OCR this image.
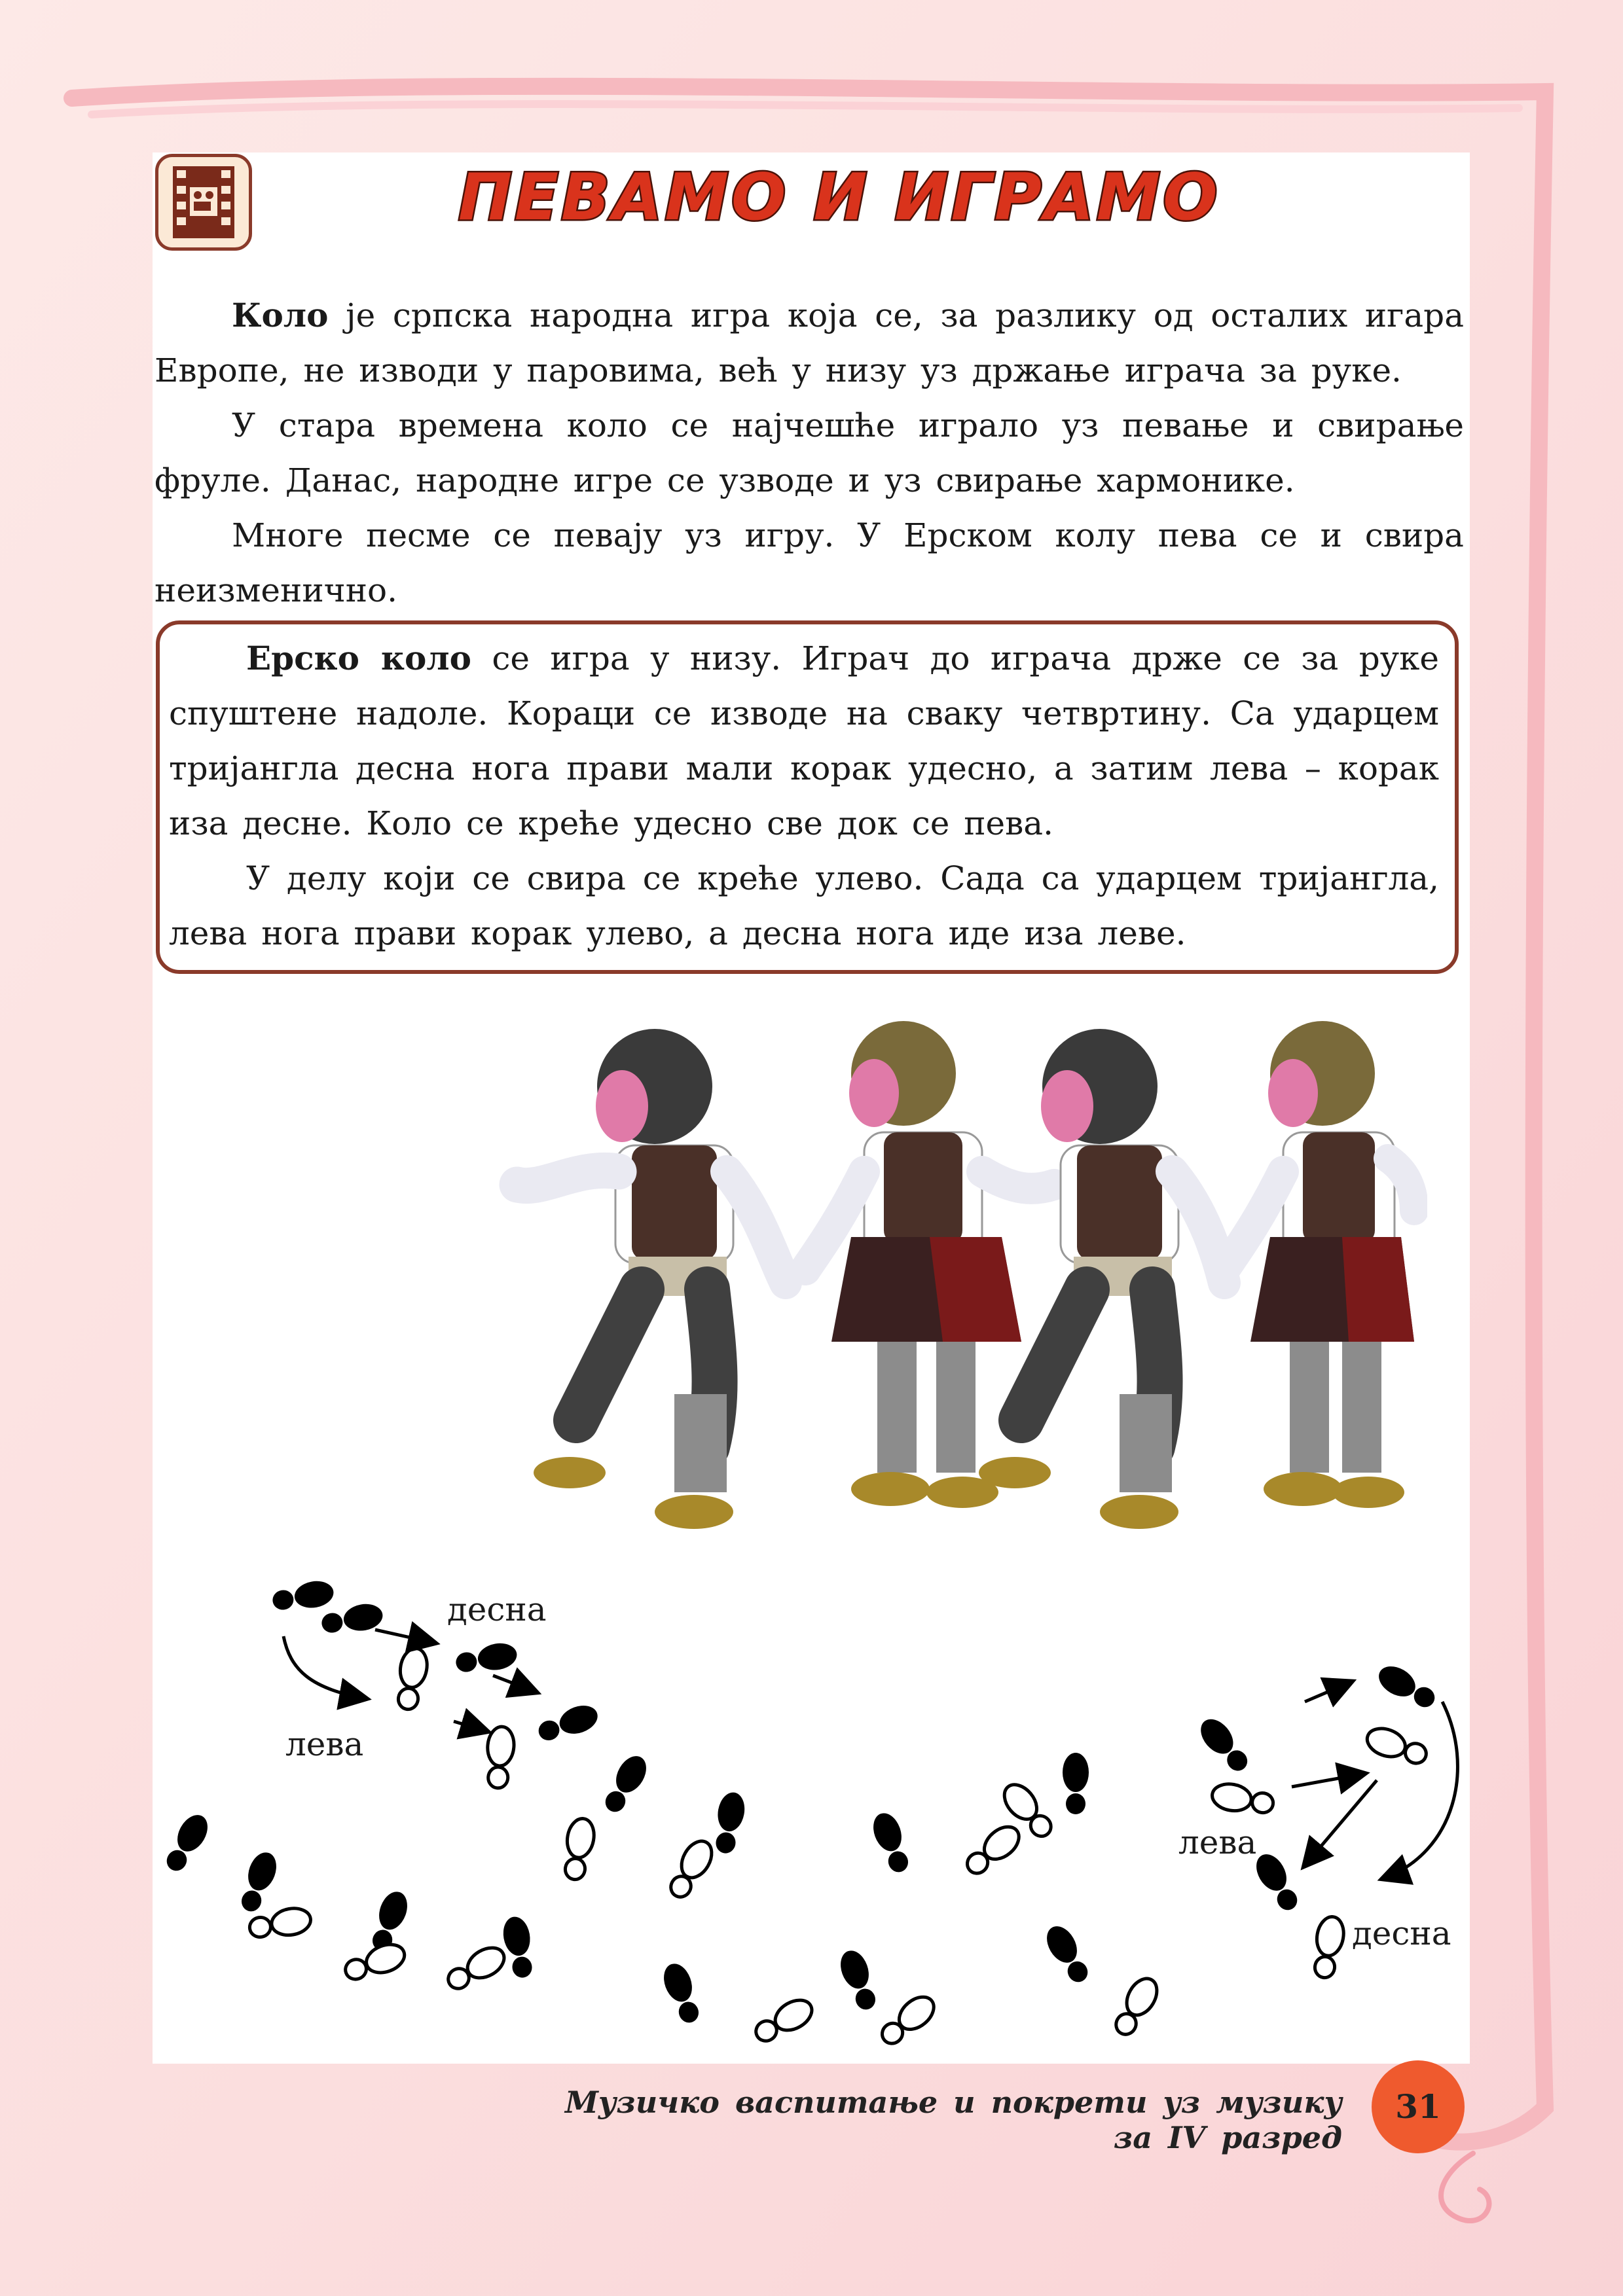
ПЕВАМО И ИГРАМО
Коло је српска народна игра која се, за разлику од осталих игара Европе, не изводи у паровима, већ у низу уз држање играча за руке.
У стара времена коло се најчешће играло уз певање и свирање фруле. Данас, народне игре се узводе и уз свирање хармонике.
Многе песме се певају уз игру. У Ерском колу пева се и свира неизменично.
Ерско коло се игра у низу. Играч до играча држе се за руке спуштене надоле. Кораци се изводе на сваку четвртину. Са ударцем тријангла десна нога прави мали корак удесно, а затим лева – корак иза десне. Коло се креће удесно све док се пева.
У делу који се свира се креће улево. Сада са ударцем тријангла, лева нога прави корак улево, а десна нога иде иза леве.
десна
лева
лева
десна
Музичко васпитање и покрети уз музику за IV разред
31
